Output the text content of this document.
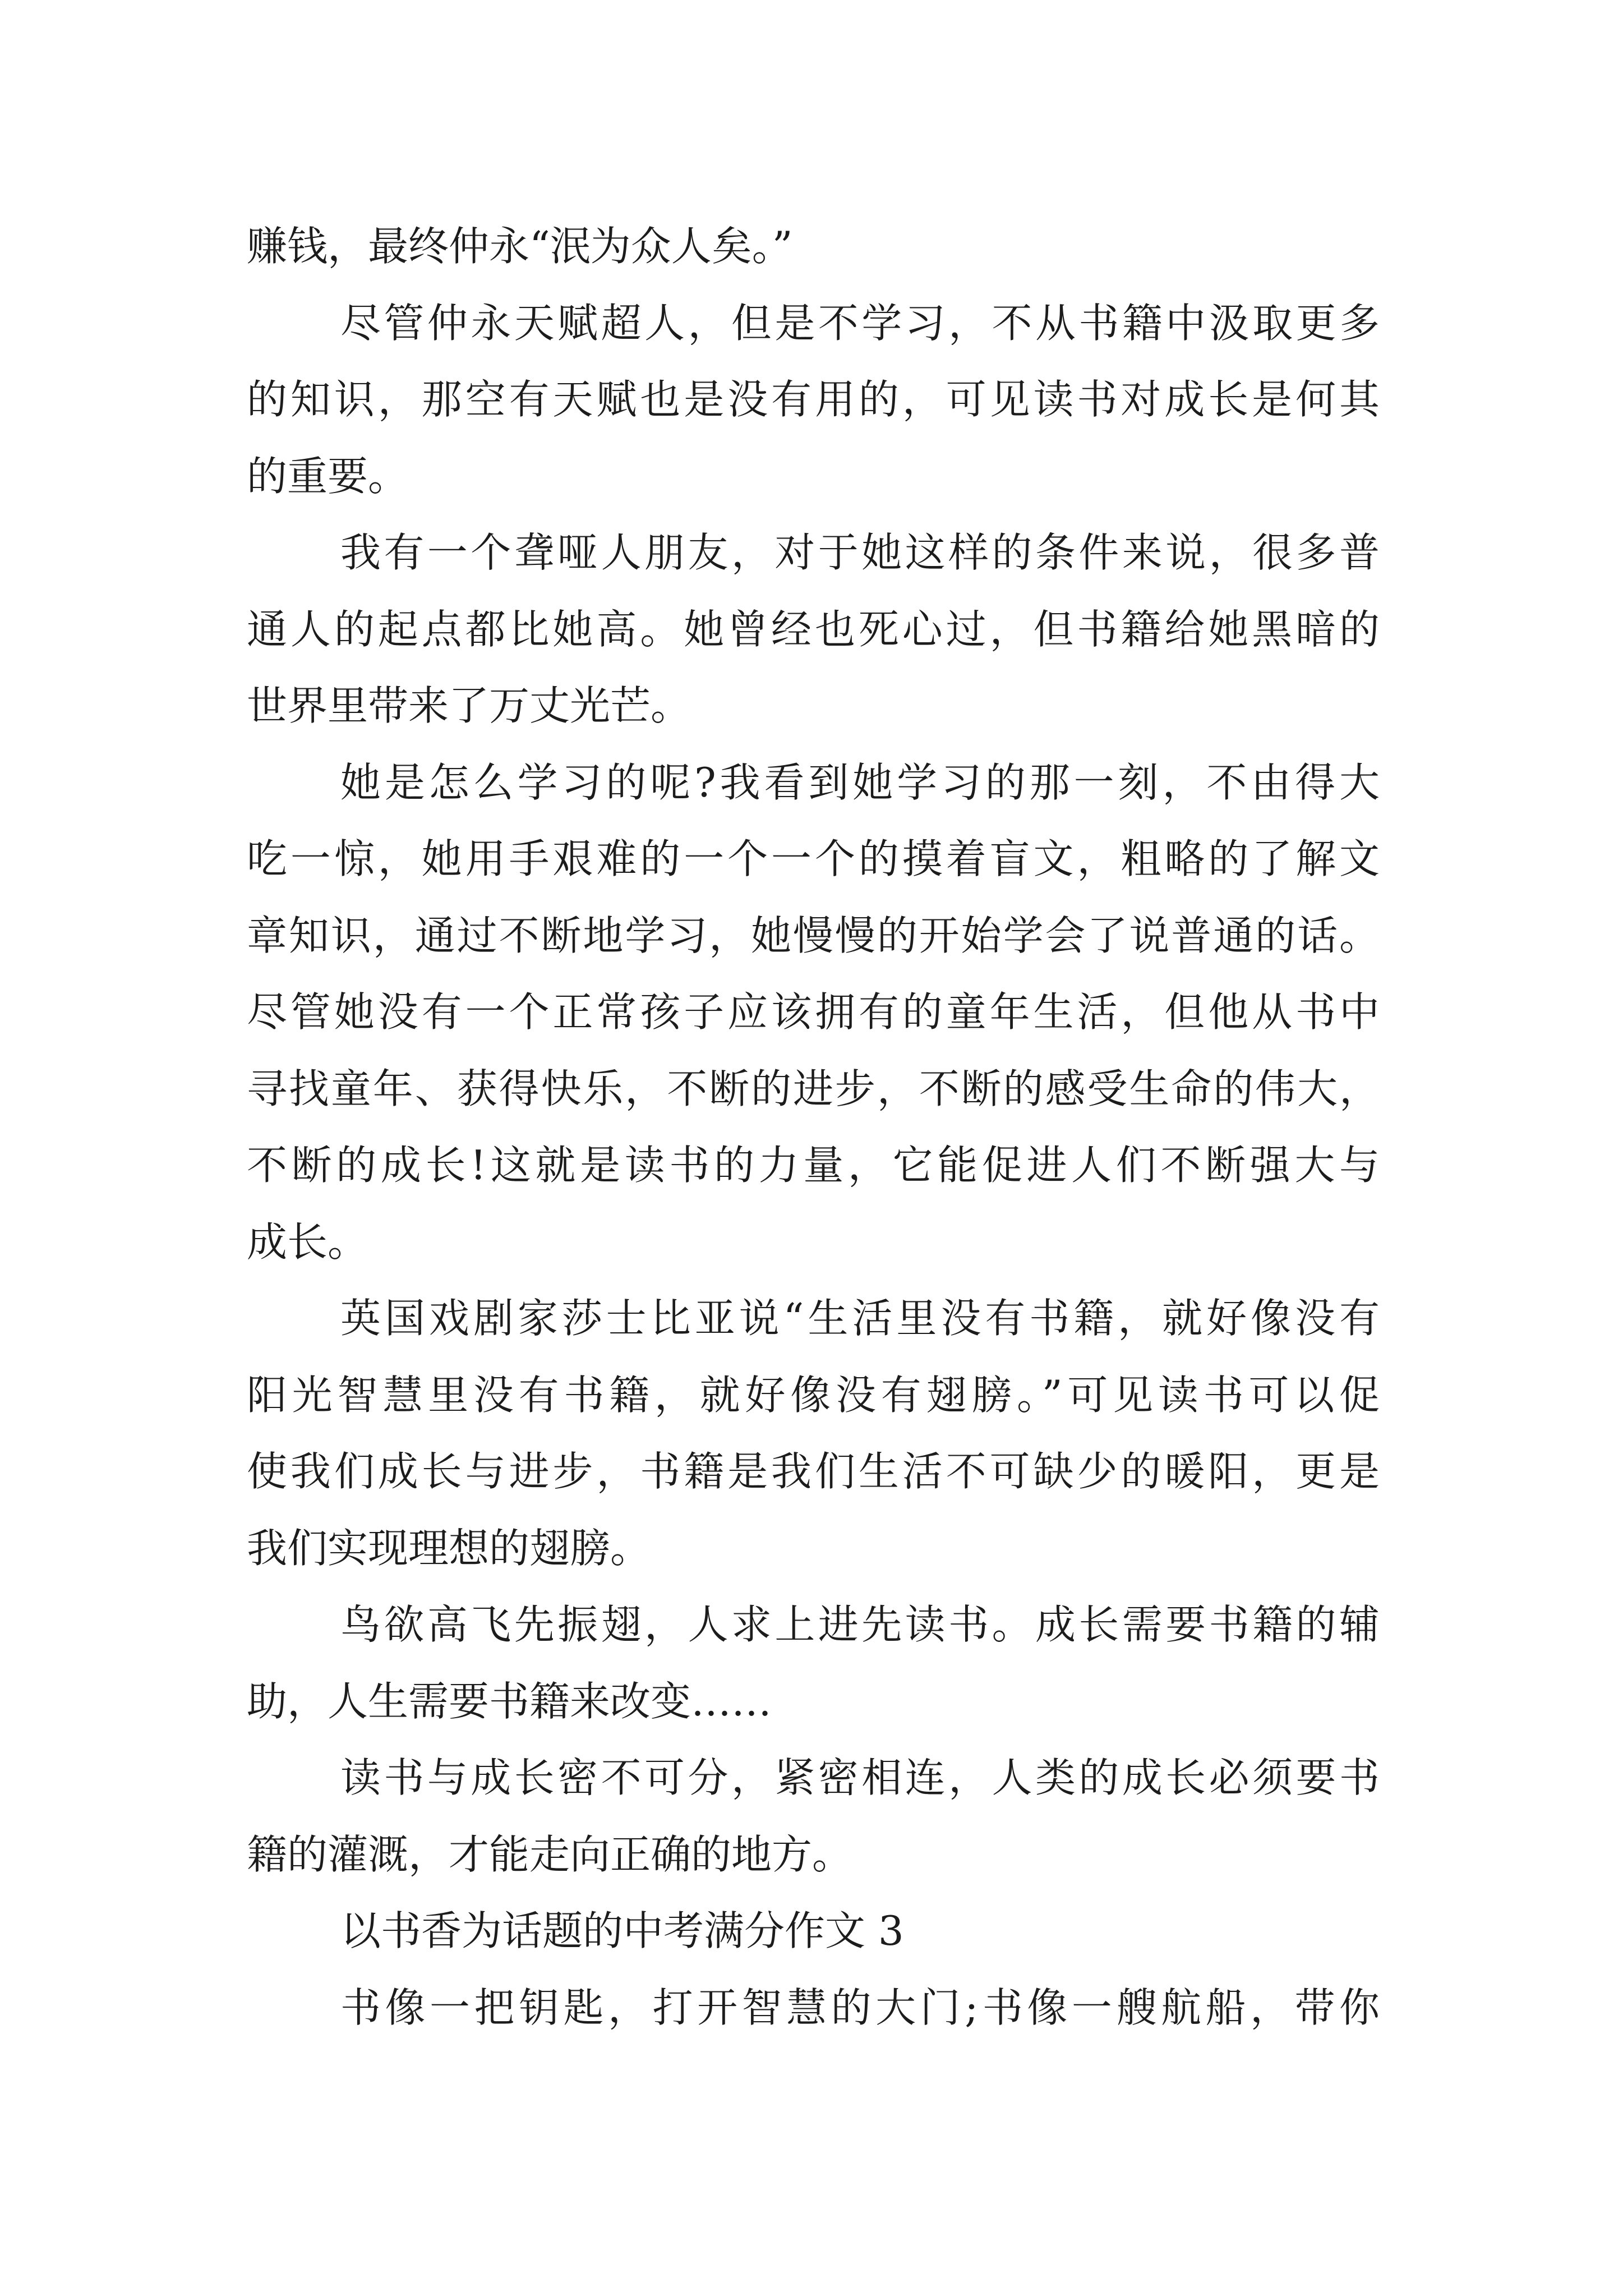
赚钱，最终仲永“泯为众人矣。”
尽管仲永天赋超人，但是不学习，不从书籍中汲取更多
的知识，那空有天赋也是没有用的，可见读书对成长是何其
的重要。
我有一个聋哑人朋友，对于她这样的条件来说，很多普
通人的起点都比她高。她曾经也死心过，但书籍给她黑暗的
世界里带来了万丈光芒。
她是怎么学习的呢?我看到她学习的那一刻，不由得大
吃一惊，她用手艰难的一个一个的摸着盲文，粗略的了解文
章知识，通过不断地学习，她慢慢的开始学会了说普通的话。
尽管她没有一个正常孩子应该拥有的童年生活，但他从书中
寻找童年、获得快乐，不断的进步，不断的感受生命的伟大，
不断的成长!这就是读书的力量，它能促进人们不断强大与
成长。
英国戏剧家莎士比亚说“生活里没有书籍，就好像没有
阳光智慧里没有书籍，就好像没有翅膀。”可见读书可以促
使我们成长与进步，书籍是我们生活不可缺少的暖阳，更是
我们实现理想的翅膀。
鸟欲高飞先振翅，人求上进先读书。成长需要书籍的辅
助，人生需要书籍来改变……
读书与成长密不可分，紧密相连，人类的成长必须要书
籍的灌溉，才能走向正确的地方。
以书香为话题的中考满分作文 3
书像一把钥匙，打开智慧的大门;书像一艘航船，带你
